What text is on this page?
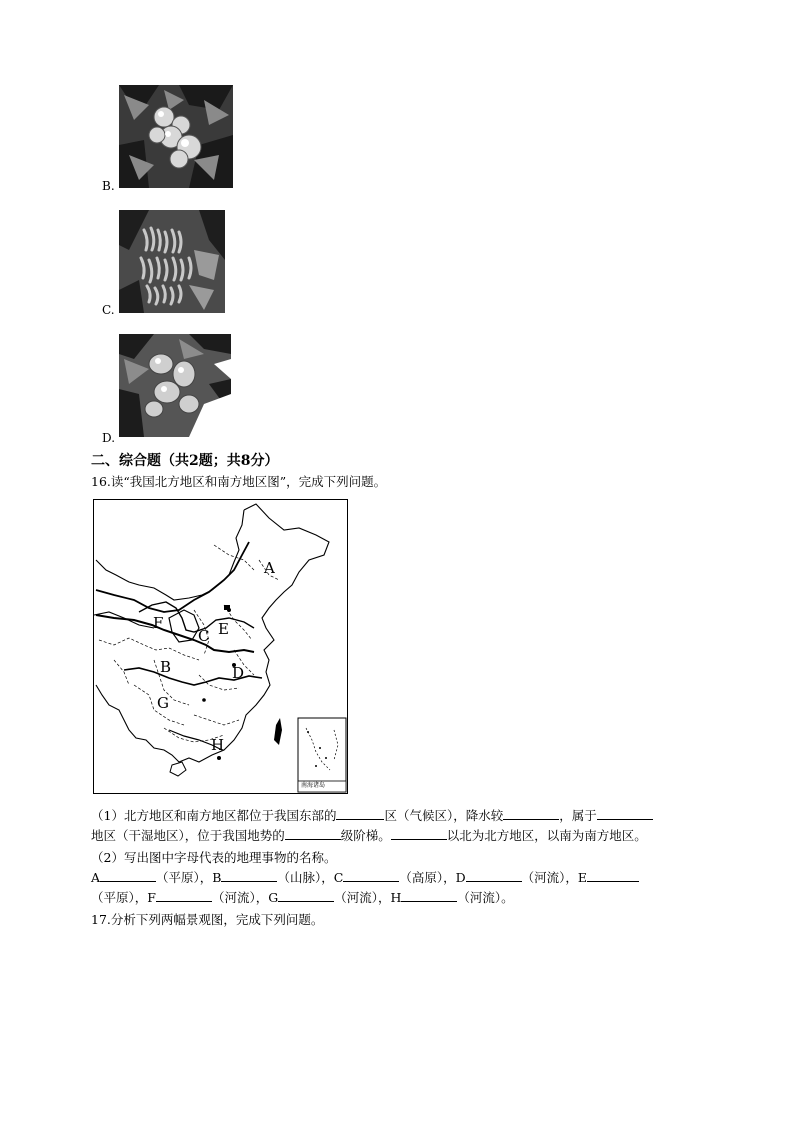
B.
C.
D.
二、综合题（共2题；共8分）
16.读“我国北方地区和南方地区图”，完成下列问题。
A
B
C
D
E
F
G
H
南海诸岛
（1）北方地区和南方地区都位于我国东部的	区（气候区），降水较	，属于
地区（干湿地区），位于我国地势的	级阶梯。	以北为北方地区，以南为南方地区。
（2）写出图中字母代表的地理事物的名称。
A	（平原），B	（山脉），C	（高原），D	（河流），E
（平原），F	（河流），G	（河流），H	（河流）。
17.分析下列两幅景观图，完成下列问题。
